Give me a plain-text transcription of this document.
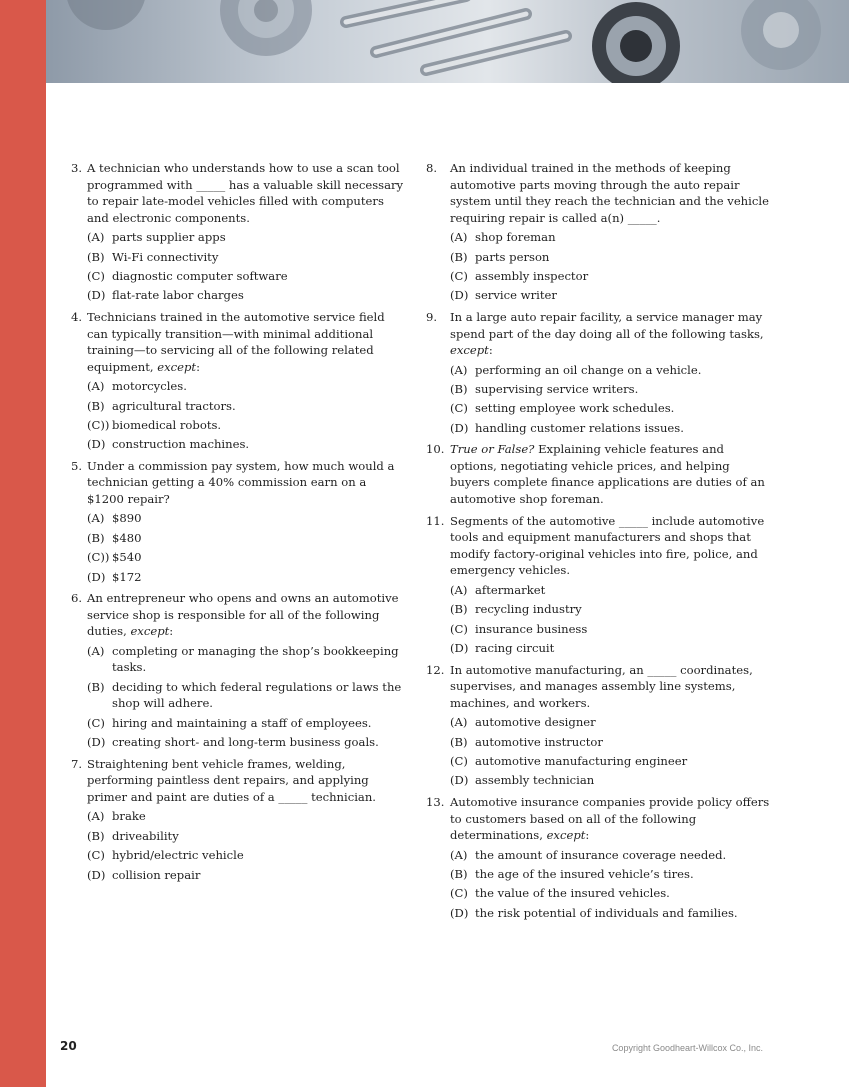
3. A technician who understands how to use a scan tool programmed with _____ has a valuable skill necessary to repair late-model vehicles filled with computers and electronic components.
(A) parts supplier apps
(B) Wi-Fi connectivity
(C) diagnostic computer software
(D) flat-rate labor charges
4. Technicians trained in the automotive service field can typically transition—with minimal additional training—to servicing all of the following related equipment, except:
(A) motorcycles.
(B) agricultural tractors.
(C)) biomedical robots.
(D) construction machines.
5. Under a commission pay system, how much would a technician getting a 40% commission earn on a $1200 repair?
(A) $890
(B) $480
(C)) $540
(D) $172
6. An entrepreneur who opens and owns an automotive service shop is responsible for all of the following duties, except:
(A) completing or managing the shop’s bookkeeping tasks.
(B) deciding to which federal regulations or laws the shop will adhere.
(C) hiring and maintaining a staff of employees.
(D) creating short- and long-term business goals.
7. Straightening bent vehicle frames, welding, performing paintless dent repairs, and applying primer and paint are duties of a _____ technician.
(A) brake
(B) driveability
(C) hybrid/electric vehicle
(D) collision repair
8.	An individual trained in the methods of keeping automotive parts moving through the auto repair system until they reach the technician and the vehicle requiring repair is called a(n) _____.
(A) shop foreman
(B) parts person
(C) assembly inspector
(D) service writer
9.	In a large auto repair facility, a service manager may spend part of the day doing all of the following tasks, except:
(A) performing an oil change on a vehicle.
(B) supervising service writers.
(C) setting employee work schedules.
(D) handling customer relations issues.
10. True or False? Explaining vehicle features and options, negotiating vehicle prices, and helping buyers complete finance applications are duties of an automotive shop foreman.
11. Segments of the automotive _____ include automotive tools and equipment manufacturers and shops that modify factory-original vehicles into fire, police, and emergency vehicles.
(A) aftermarket
(B) recycling industry
(C) insurance business
(D) racing circuit
12. In automotive manufacturing, an _____ coordinates, supervises, and manages assembly line systems, machines, and workers.
(A) automotive designer
(B) automotive instructor
(C) automotive manufacturing engineer
(D) assembly technician
13. Automotive insurance companies provide policy offers to customers based on all of the following determinations, except:
(A) the amount of insurance coverage needed.
(B) the age of the insured vehicle’s tires.
(C) the value of the insured vehicles.
(D) the risk potential of individuals and families.
20	Copyright Goodheart-Willcox Co., Inc.
